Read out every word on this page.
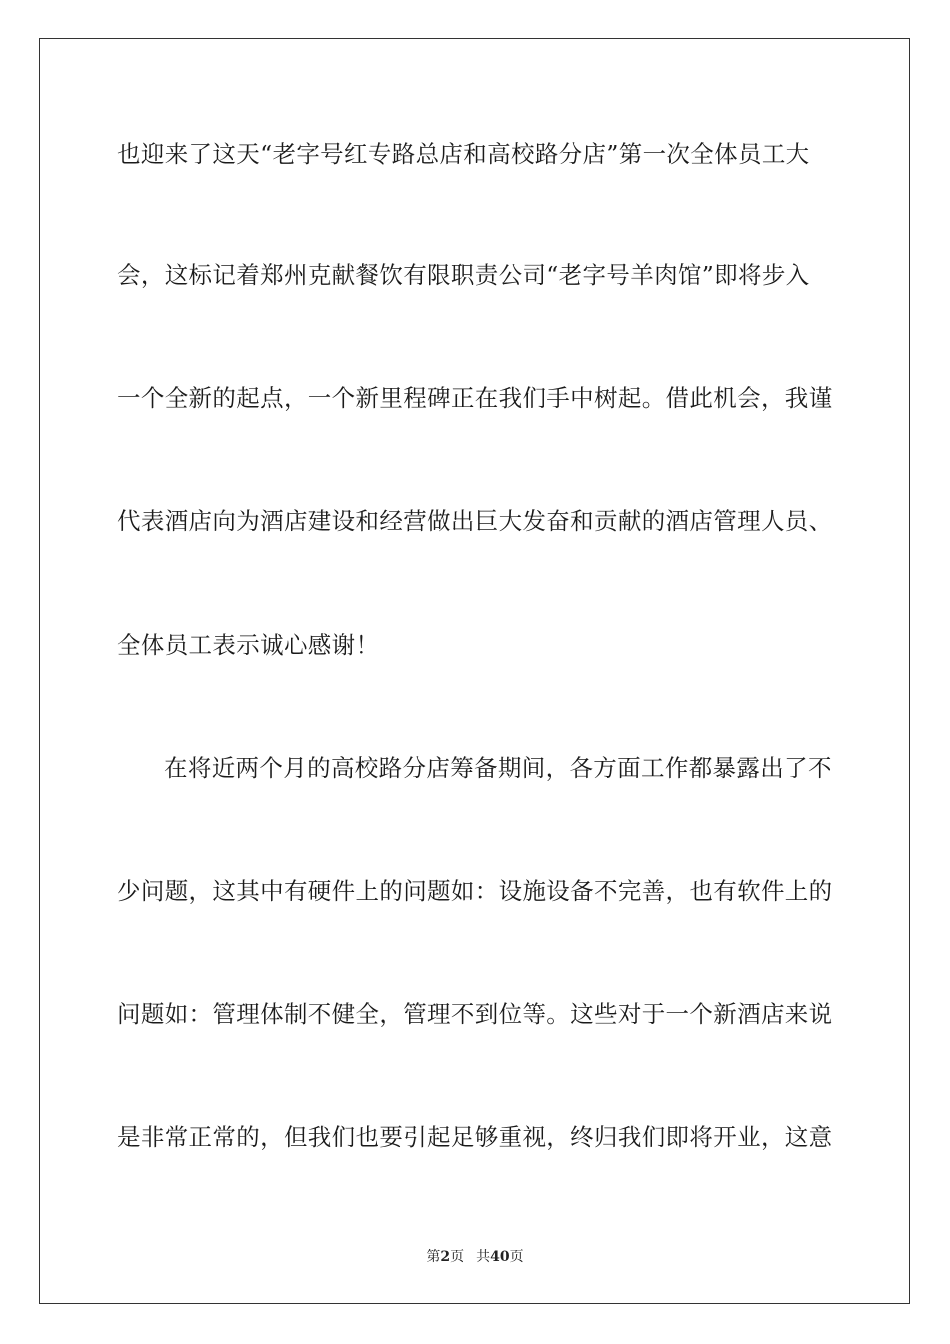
也迎来了这天“老字号红专路总店和高校路分店”第一次全体员工大
会，这标记着郑州克献餐饮有限职责公司“老字号羊肉馆”即将步入
一个全新的起点，一个新里程碑正在我们手中树起。借此机会，我谨
代表酒店向为酒店建设和经营做出巨大发奋和贡献的酒店管理人员、
全体员工表示诚心感谢！
在将近两个月的高校路分店筹备期间，各方面工作都暴露出了不
少问题，这其中有硬件上的问题如：设施设备不完善，也有软件上的
问题如：管理体制不健全，管理不到位等。这些对于一个新酒店来说
是非常正常的，但我们也要引起足够重视，终归我们即将开业，这意
第2页 共40页
